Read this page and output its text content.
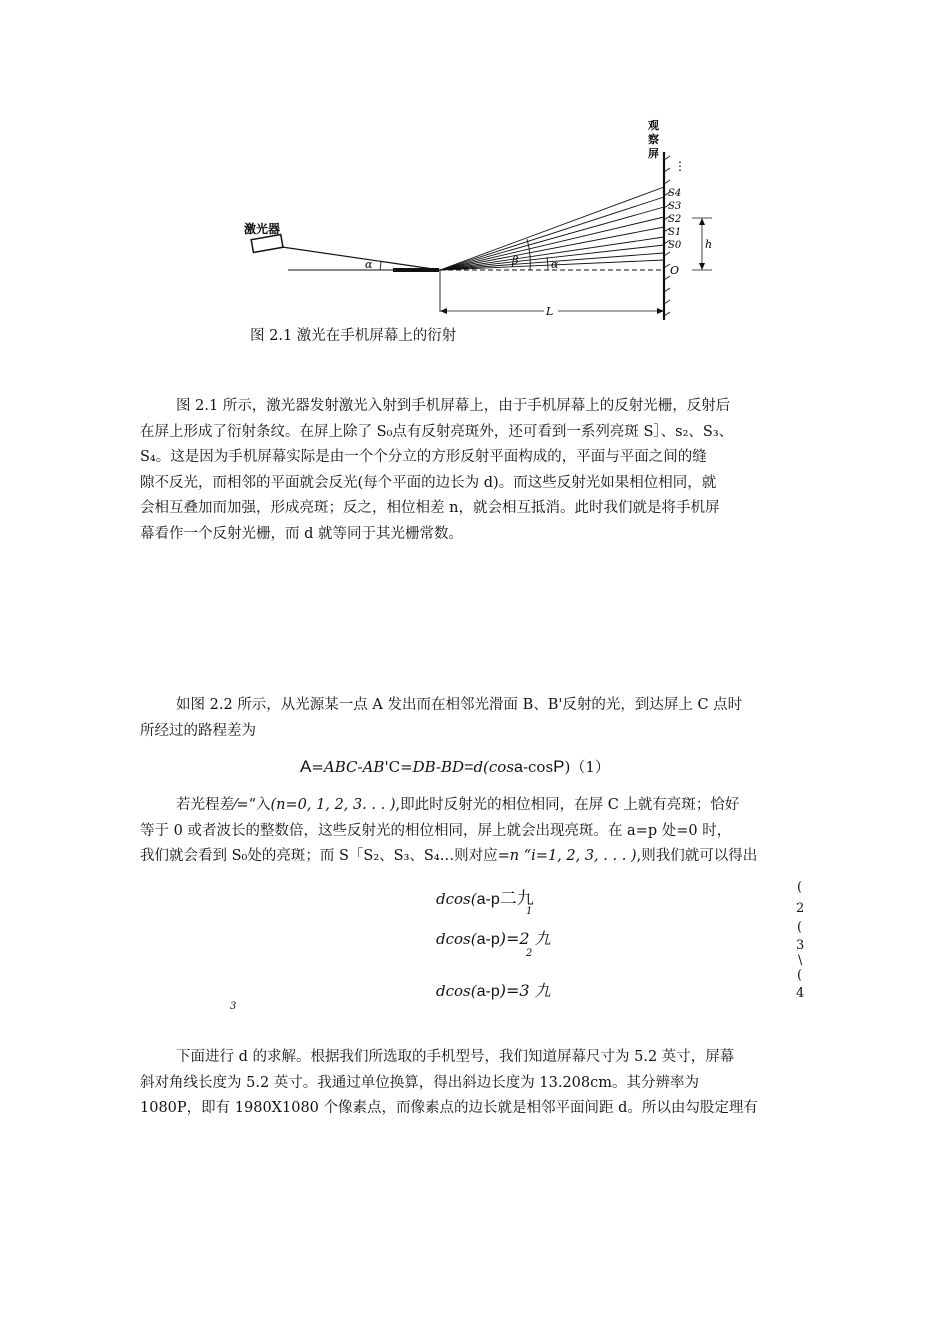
观
察
屏
⋮
激光器
S4
S3
S2
S1
S0
O
h
α	β	α
L
图 2.1 激光在手机屏幕上的衍射
图 2.1 所示，激光器发射激光入射到手机屏幕上，由于手机屏幕上的反射光栅，反射后
在屏上形成了衍射条纹。在屏上除了 S₀点有反射亮斑外，还可看到一系列亮斑 S］、s₂、S₃、
S₄。这是因为手机屏幕实际是由一个个分立的方形反射平面构成的，平面与平面之间的缝
隙不反光，而相邻的平面就会反光(每个平面的边长为 d)。而这些反射光如果相位相同，就
会相互叠加而加强，形成亮斑；反之，相位相差 n，就会相互抵消。此时我们就是将手机屏
幕看作一个反射光栅，而 d 就等同于其光栅常数。
如图 2.2 所示，从光源某一点 A 发出而在相邻光滑面 B、B'反射的光，到达屏上 C 点时
所经过的路程差为
A=ABC-AB'C=DB-BD=d(cosa-cosP)（1）
若光程差⁄=“入(n=0, 1, 2, 3. . . ),即此时反射光的相位相同，在屏 C 上就有亮斑；恰好
等于 0 或者波长的整数倍，这些反射光的相位相同，屏上就会出现亮斑。在 a=p 处=0 时，
我们就会看到 S₀处的亮斑；而 S「S₂、S₃、S₄…则对应=n “i=1, 2, 3, . . . ),则我们就可以得出
dcos(a-p二九
1
dcos(a-p)=2 九
2
dcos(a-p)=3 九
3
(
2
(
3
\
(
4
下面进行 d 的求解。根据我们所选取的手机型号，我们知道屏幕尺寸为 5.2 英寸，屏幕
斜对角线长度为 5.2 英寸。我通过单位换算，得出斜边长度为 13.208cm。其分辨率为
1080P，即有 1980X1080 个像素点，而像素点的边长就是相邻平面间距 d。所以由勾股定理有
